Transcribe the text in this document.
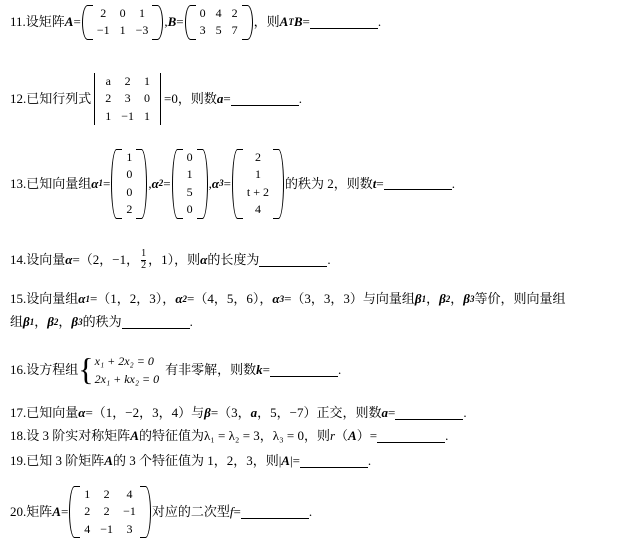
11. 设矩阵 A =
2	0	1
−1 1 −3
, B =
0 4 2
3 5 7
，则 A T B =	.
12. 已知行列式
a	2	1
2	3	0
1 −1 1
=0，则数 a =	.
13. 已知向量组 α 1 =
1
0
0
2
, α 2 =
0
1
5
0
, α 3 =
2
1
t + 2
4
的秩为 2，则数 t =	.
14. 设向量 α =（2，−1， $\frac{1}{2}$ ，1），则 α 的长度为	.
15. 设向量组 α 1 =（1，2，3）， α 2 =（4，5，6）， α 3 =（3，3，3）与向量组 β 1 ， β 2 ， β 3 等价，则向量组
组 β 1 ， β 2 ， β 3 的秩为	.
16. 设方程组 { x₁ + 2x₂ = 0
2x₁ + kx₂ = 0
有非零解，则数 k =	.
17. 已知向量 α =（1，−2，3，4）与 β =（3， a ，5，−7）正交，则数 a =	.
18. 设 3 阶实对称矩阵 A 的特征值为 λ₁ = λ₂ = 3， λ₃ = 0，则 r （ A ） =	.
19. 已知 3 阶矩阵 A 的 3 个特征值为 1，2，3，则| A |=	.
20. 矩阵 A =
1	2	4
2	2	−1
4 −1	3
对应的二次型 f =	.
